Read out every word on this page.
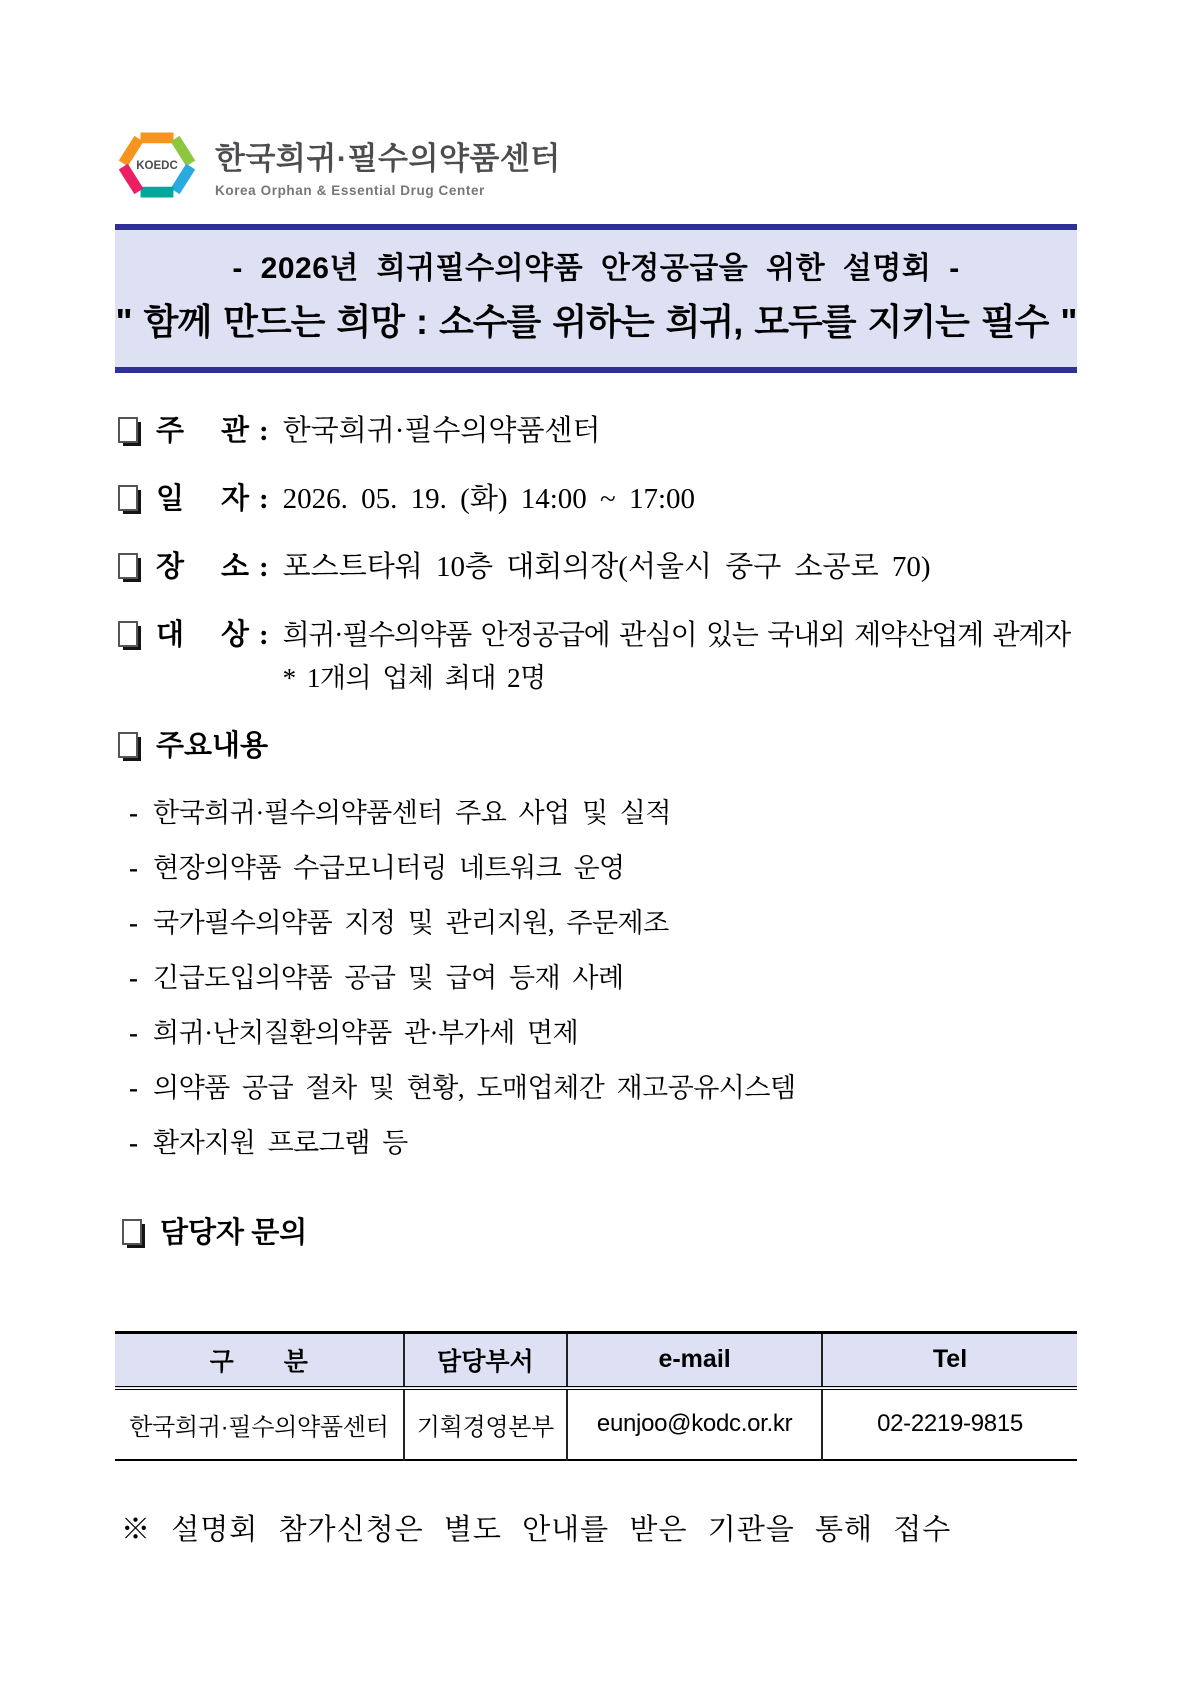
KOEDC 한국희귀·필수의약품센터
Korea Orphan & Essential Drug Center
- 2026년 희귀필수의약품 안정공급을 위한 설명회 -
" 함께 만드는 희망 : 소수를 위하는 희귀, 모두를 지키는 필수 "
주 관 : 한국희귀·필수의약품센터
일 자 : 2026. 05. 19. (화) 14:00 ~ 17:00
장 소 : 포스트타워 10층 대회의장(서울시 중구 소공로 70)
대 상 : 희귀·필수의약품 안정공급에 관심이 있는 국내외 제약산업계 관계자
* 1개의 업체 최대 2명
주요내용
- 한국희귀·필수의약품센터 주요 사업 및 실적
- 현장의약품 수급모니터링 네트워크 운영
- 국가필수의약품 지정 및 관리지원, 주문제조
- 긴급도입의약품 공급 및 급여 등재 사례
- 희귀·난치질환의약품 관·부가세 면제
- 의약품 공급 절차 및 현황, 도매업체간 재고공유시스템
- 환자지원 프로그램 등
담당자 문의
구　　분	담당부서	e-mail	Tel
한국희귀·필수의약품센터	기획경영본부	eunjoo@kodc.or.kr	02-2219-9815
※ 설명회 참가신청은 별도 안내를 받은 기관을 통해 접수
